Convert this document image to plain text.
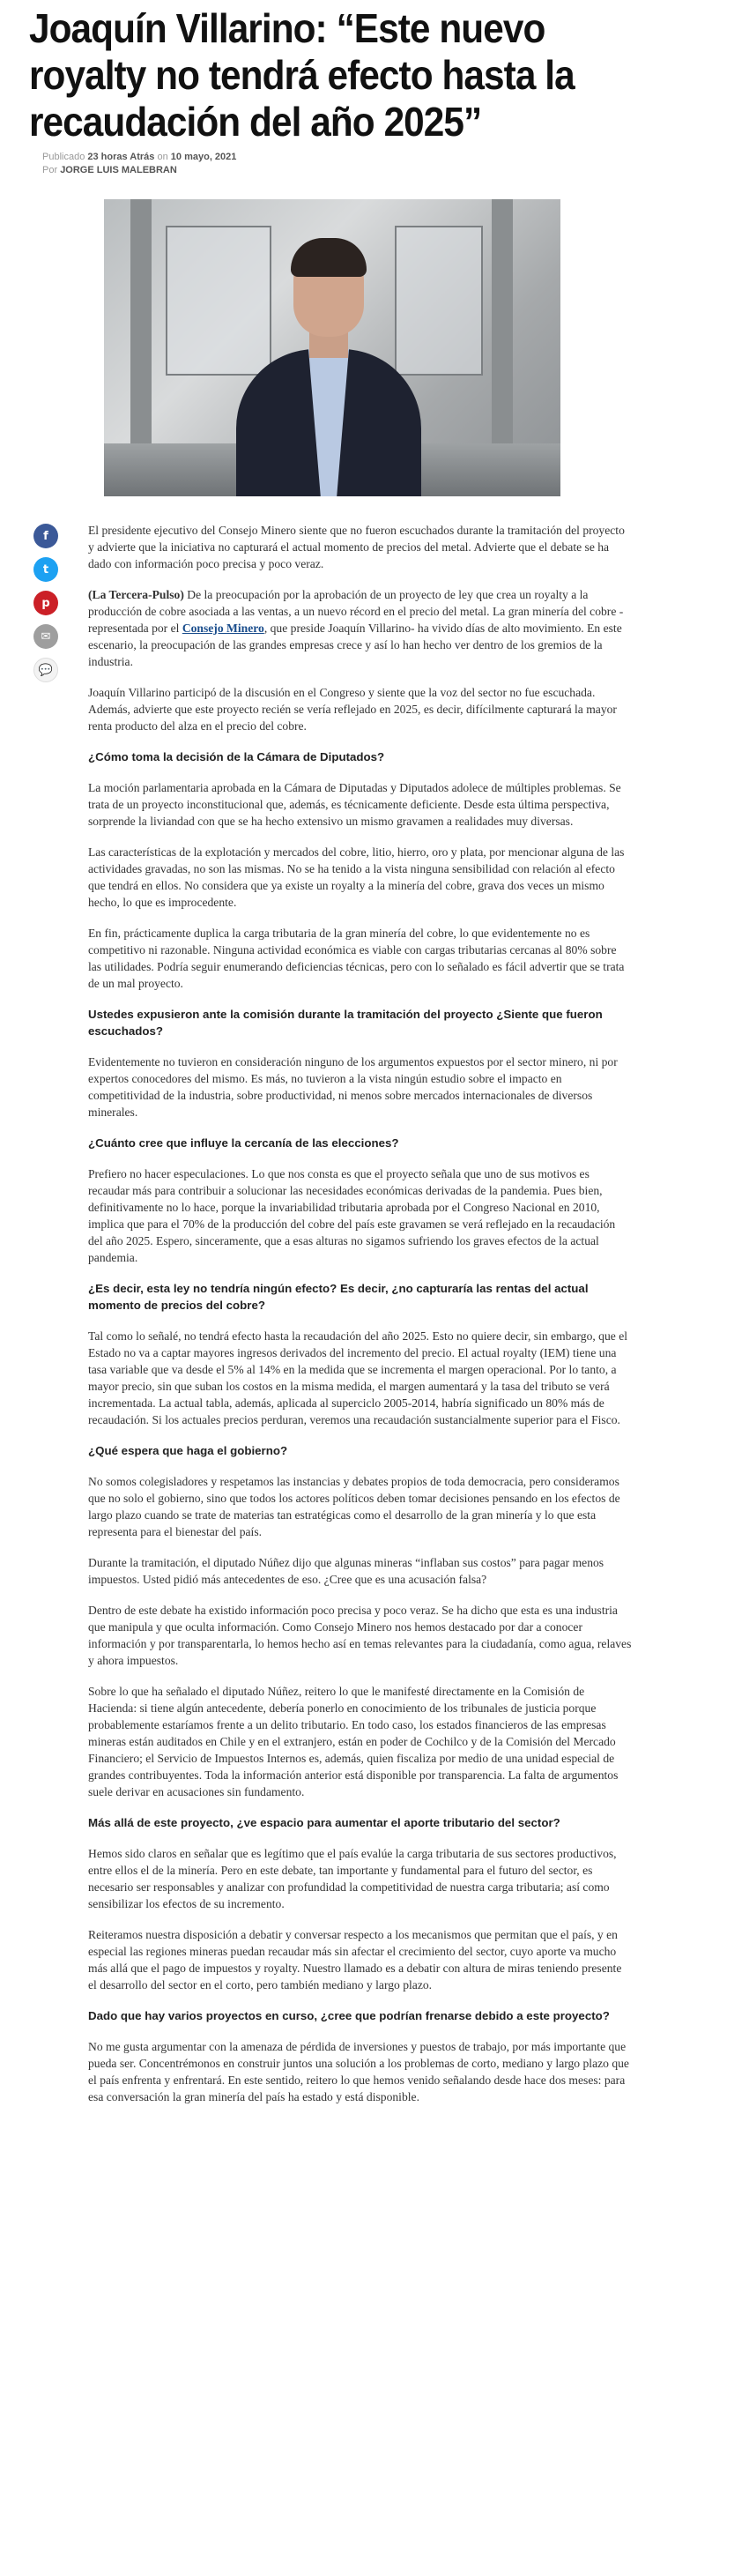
Joaquín Villarino: “Este nuevo royalty no tendrá efecto hasta la recaudación del año 2025”
Publicado 23 horas Atrás on 10 mayo, 2021
Por JORGE LUIS MALEBRAN
f
t
p
✉
💬

El presidente ejecutivo del Consejo Minero siente que no fueron escuchados durante la tramitación del proyecto y advierte que la iniciativa no capturará el actual momento de precios del metal. Advierte que el debate se ha dado con información poco precisa y poco veraz.

(La Tercera-Pulso) De la preocupación por la aprobación de un proyecto de ley que crea un royalty a la producción de cobre asociada a las ventas, a un nuevo récord en el precio del metal. La gran minería del cobre -representada por el Consejo Minero, que preside Joaquín Villarino- ha vivido días de alto movimiento. En este escenario, la preocupación de las grandes empresas crece y así lo han hecho ver dentro de los gremios de la industria.

Joaquín Villarino participó de la discusión en el Congreso y siente que la voz del sector no fue escuchada. Además, advierte que este proyecto recién se vería reflejado en 2025, es decir, difícilmente capturará la mayor renta producto del alza en el precio del cobre.

¿Cómo toma la decisión de la Cámara de Diputados?

La moción parlamentaria aprobada en la Cámara de Diputadas y Diputados adolece de múltiples problemas. Se trata de un proyecto inconstitucional que, además, es técnicamente deficiente. Desde esta última perspectiva, sorprende la liviandad con que se ha hecho extensivo un mismo gravamen a realidades muy diversas.

Las características de la explotación y mercados del cobre, litio, hierro, oro y plata, por mencionar alguna de las actividades gravadas, no son las mismas. No se ha tenido a la vista ninguna sensibilidad con relación al efecto que tendrá en ellos. No considera que ya existe un royalty a la minería del cobre, grava dos veces un mismo hecho, lo que es improcedente.

En fin, prácticamente duplica la carga tributaria de la gran minería del cobre, lo que evidentemente no es competitivo ni razonable. Ninguna actividad económica es viable con cargas tributarias cercanas al 80% sobre las utilidades. Podría seguir enumerando deficiencias técnicas, pero con lo señalado es fácil advertir que se trata de un mal proyecto.

Ustedes expusieron ante la comisión durante la tramitación del proyecto ¿Siente que fueron escuchados?

Evidentemente no tuvieron en consideración ninguno de los argumentos expuestos por el sector minero, ni por expertos conocedores del mismo. Es más, no tuvieron a la vista ningún estudio sobre el impacto en competitividad de la industria, sobre productividad, ni menos sobre mercados internacionales de diversos minerales.

¿Cuánto cree que influye la cercanía de las elecciones?

Prefiero no hacer especulaciones. Lo que nos consta es que el proyecto señala que uno de sus motivos es recaudar más para contribuir a solucionar las necesidades económicas derivadas de la pandemia. Pues bien, definitivamente no lo hace, porque la invariabilidad tributaria aprobada por el Congreso Nacional en 2010, implica que para el 70% de la producción del cobre del país este gravamen se verá reflejado en la recaudación del año 2025. Espero, sinceramente, que a esas alturas no sigamos sufriendo los graves efectos de la actual pandemia.

¿Es decir, esta ley no tendría ningún efecto? Es decir, ¿no capturaría las rentas del actual momento de precios del cobre?

Tal como lo señalé, no tendrá efecto hasta la recaudación del año 2025. Esto no quiere decir, sin embargo, que el Estado no va a captar mayores ingresos derivados del incremento del precio. El actual royalty (IEM) tiene una tasa variable que va desde el 5% al 14% en la medida que se incrementa el margen operacional. Por lo tanto, a mayor precio, sin que suban los costos en la misma medida, el margen aumentará y la tasa del tributo se verá incrementada. La actual tabla, además, aplicada al superciclo 2005-2014, habría significado un 80% más de recaudación. Si los actuales precios perduran, veremos una recaudación sustancialmente superior para el Fisco.

¿Qué espera que haga el gobierno?

No somos colegisladores y respetamos las instancias y debates propios de toda democracia, pero consideramos que no solo el gobierno, sino que todos los actores políticos deben tomar decisiones pensando en los efectos de largo plazo cuando se trate de materias tan estratégicas como el desarrollo de la gran minería y lo que esta representa para el bienestar del país.

Durante la tramitación, el diputado Núñez dijo que algunas mineras “inflaban sus costos” para pagar menos impuestos. Usted pidió más antecedentes de eso. ¿Cree que es una acusación falsa?

Dentro de este debate ha existido información poco precisa y poco veraz. Se ha dicho que esta es una industria que manipula y que oculta información. Como Consejo Minero nos hemos destacado por dar a conocer información y por transparentarla, lo hemos hecho así en temas relevantes para la ciudadanía, como agua, relaves y ahora impuestos.

Sobre lo que ha señalado el diputado Núñez, reitero lo que le manifesté directamente en la Comisión de Hacienda: si tiene algún antecedente, debería ponerlo en conocimiento de los tribunales de justicia porque probablemente estaríamos frente a un delito tributario. En todo caso, los estados financieros de las empresas mineras están auditados en Chile y en el extranjero, están en poder de Cochilco y de la Comisión del Mercado Financiero; el Servicio de Impuestos Internos es, además, quien fiscaliza por medio de una unidad especial de grandes contribuyentes. Toda la información anterior está disponible por transparencia. La falta de argumentos suele derivar en acusaciones sin fundamento.

Más allá de este proyecto, ¿ve espacio para aumentar el aporte tributario del sector?

Hemos sido claros en señalar que es legítimo que el país evalúe la carga tributaria de sus sectores productivos, entre ellos el de la minería. Pero en este debate, tan importante y fundamental para el futuro del sector, es necesario ser responsables y analizar con profundidad la competitividad de nuestra carga tributaria; así como sensibilizar los efectos de su incremento.

Reiteramos nuestra disposición a debatir y conversar respecto a los mecanismos que permitan que el país, y en especial las regiones mineras puedan recaudar más sin afectar el crecimiento del sector, cuyo aporte va mucho más allá que el pago de impuestos y royalty. Nuestro llamado es a debatir con altura de miras teniendo presente el desarrollo del sector en el corto, pero también mediano y largo plazo.

Dado que hay varios proyectos en curso, ¿cree que podrían frenarse debido a este proyecto?

No me gusta argumentar con la amenaza de pérdida de inversiones y puestos de trabajo, por más importante que pueda ser. Concentrémonos en construir juntos una solución a los problemas de corto, mediano y largo plazo que el país enfrenta y enfrentará. En este sentido, reitero lo que hemos venido señalando desde hace dos meses: para esa conversación la gran minería del país ha estado y está disponible.
